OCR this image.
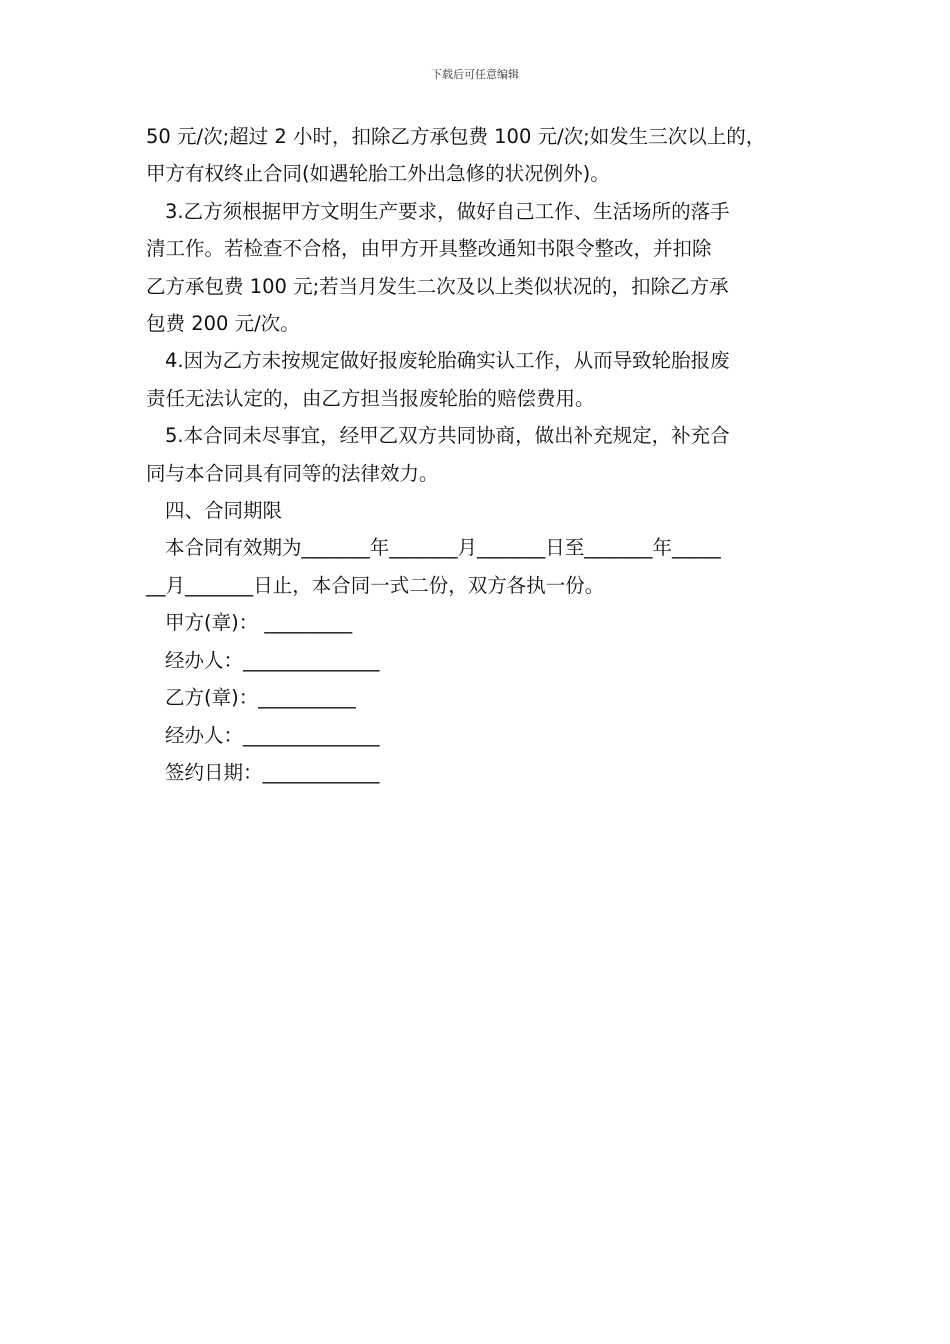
下载后可任意编辑

50 元/次;超过 2 小时，扣除乙方承包费 100 元/次;如发生三次以上的，

甲方有权终止合同(如遇轮胎工外出急修的状况例外)。

3.乙方须根据甲方文明生产要求，做好自己工作、生活场所的落手

清工作。若检查不合格，由甲方开具整改通知书限令整改，并扣除

乙方承包费 100 元;若当月发生二次及以上类似状况的，扣除乙方承

包费 200 元/次。

4.因为乙方未按规定做好报废轮胎确实认工作，从而导致轮胎报废

责任无法认定的，由乙方担当报废轮胎的赔偿费用。

5.本合同未尽事宜，经甲乙双方共同协商，做出补充规定，补充合

同与本合同具有同等的法律效力。

四、合同期限

本合同有效期为_______年_______月_______日至_______年_____

__月_______日止，本合同一式二份，双方各执一份。

甲方(章)： _________

经办人：______________

乙方(章)：__________

经办人：______________

签约日期：____________
